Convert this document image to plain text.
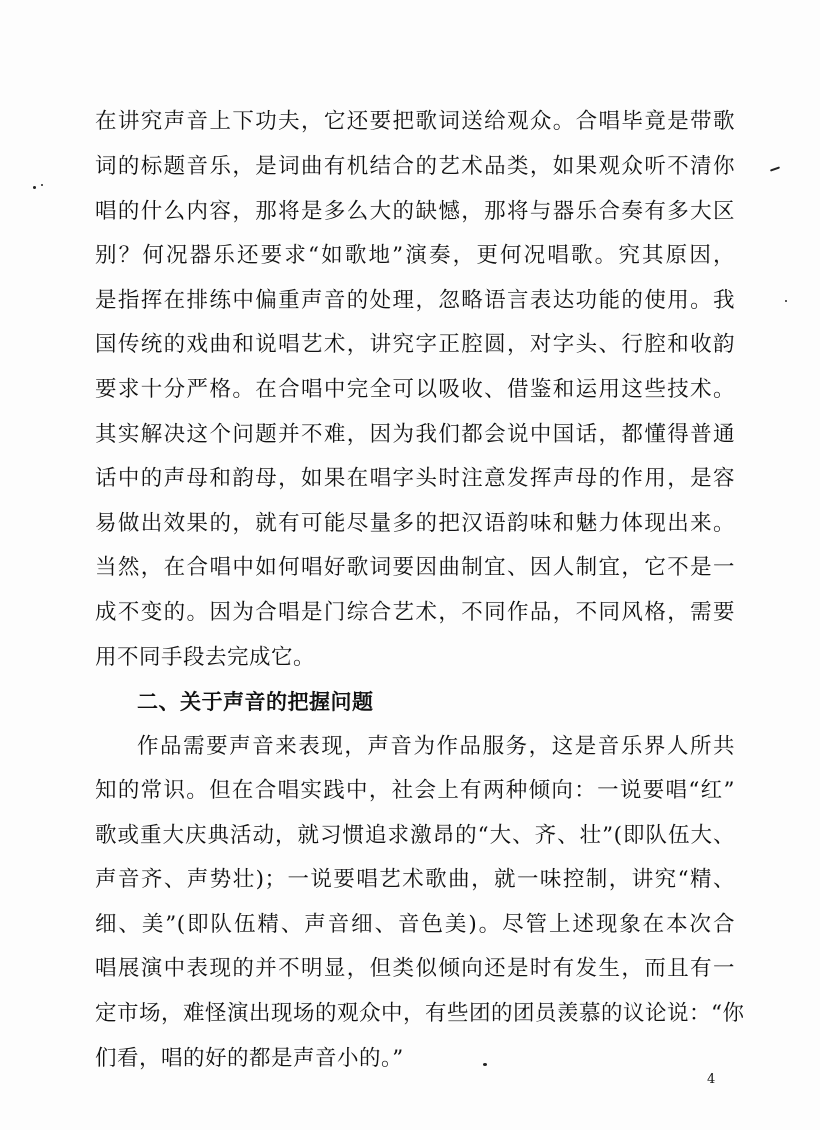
在讲究声音上下功夫，它还要把歌词送给观众。合唱毕竟是带歌
词的标题音乐，是词曲有机结合的艺术品类，如果观众听不清你
唱的什么内容，那将是多么大的缺憾，那将与器乐合奏有多大区
别？何况器乐还要求“如歌地”演奏，更何况唱歌。究其原因，
是指挥在排练中偏重声音的处理，忽略语言表达功能的使用。我
国传统的戏曲和说唱艺术，讲究字正腔圆，对字头、行腔和收韵
要求十分严格。在合唱中完全可以吸收、借鉴和运用这些技术。
其实解决这个问题并不难，因为我们都会说中国话，都懂得普通
话中的声母和韵母，如果在唱字头时注意发挥声母的作用，是容
易做出效果的，就有可能尽量多的把汉语韵味和魅力体现出来。
当然，在合唱中如何唱好歌词要因曲制宜、因人制宜，它不是一
成不变的。因为合唱是门综合艺术，不同作品，不同风格，需要
用不同手段去完成它。
二、关于声音的把握问题
作品需要声音来表现，声音为作品服务，这是音乐界人所共
知的常识。但在合唱实践中，社会上有两种倾向：一说要唱“红”
歌或重大庆典活动，就习惯追求激昂的“大、齐、壮”(即队伍大、
声音齐、声势壮)；一说要唱艺术歌曲，就一味控制，讲究“精、
细、美”(即队伍精、声音细、音色美)。尽管上述现象在本次合
唱展演中表现的并不明显，但类似倾向还是时有发生，而且有一
定市场，难怪演出现场的观众中，有些团的团员羡慕的议论说：“你
们看，唱的好的都是声音小的。”
4
